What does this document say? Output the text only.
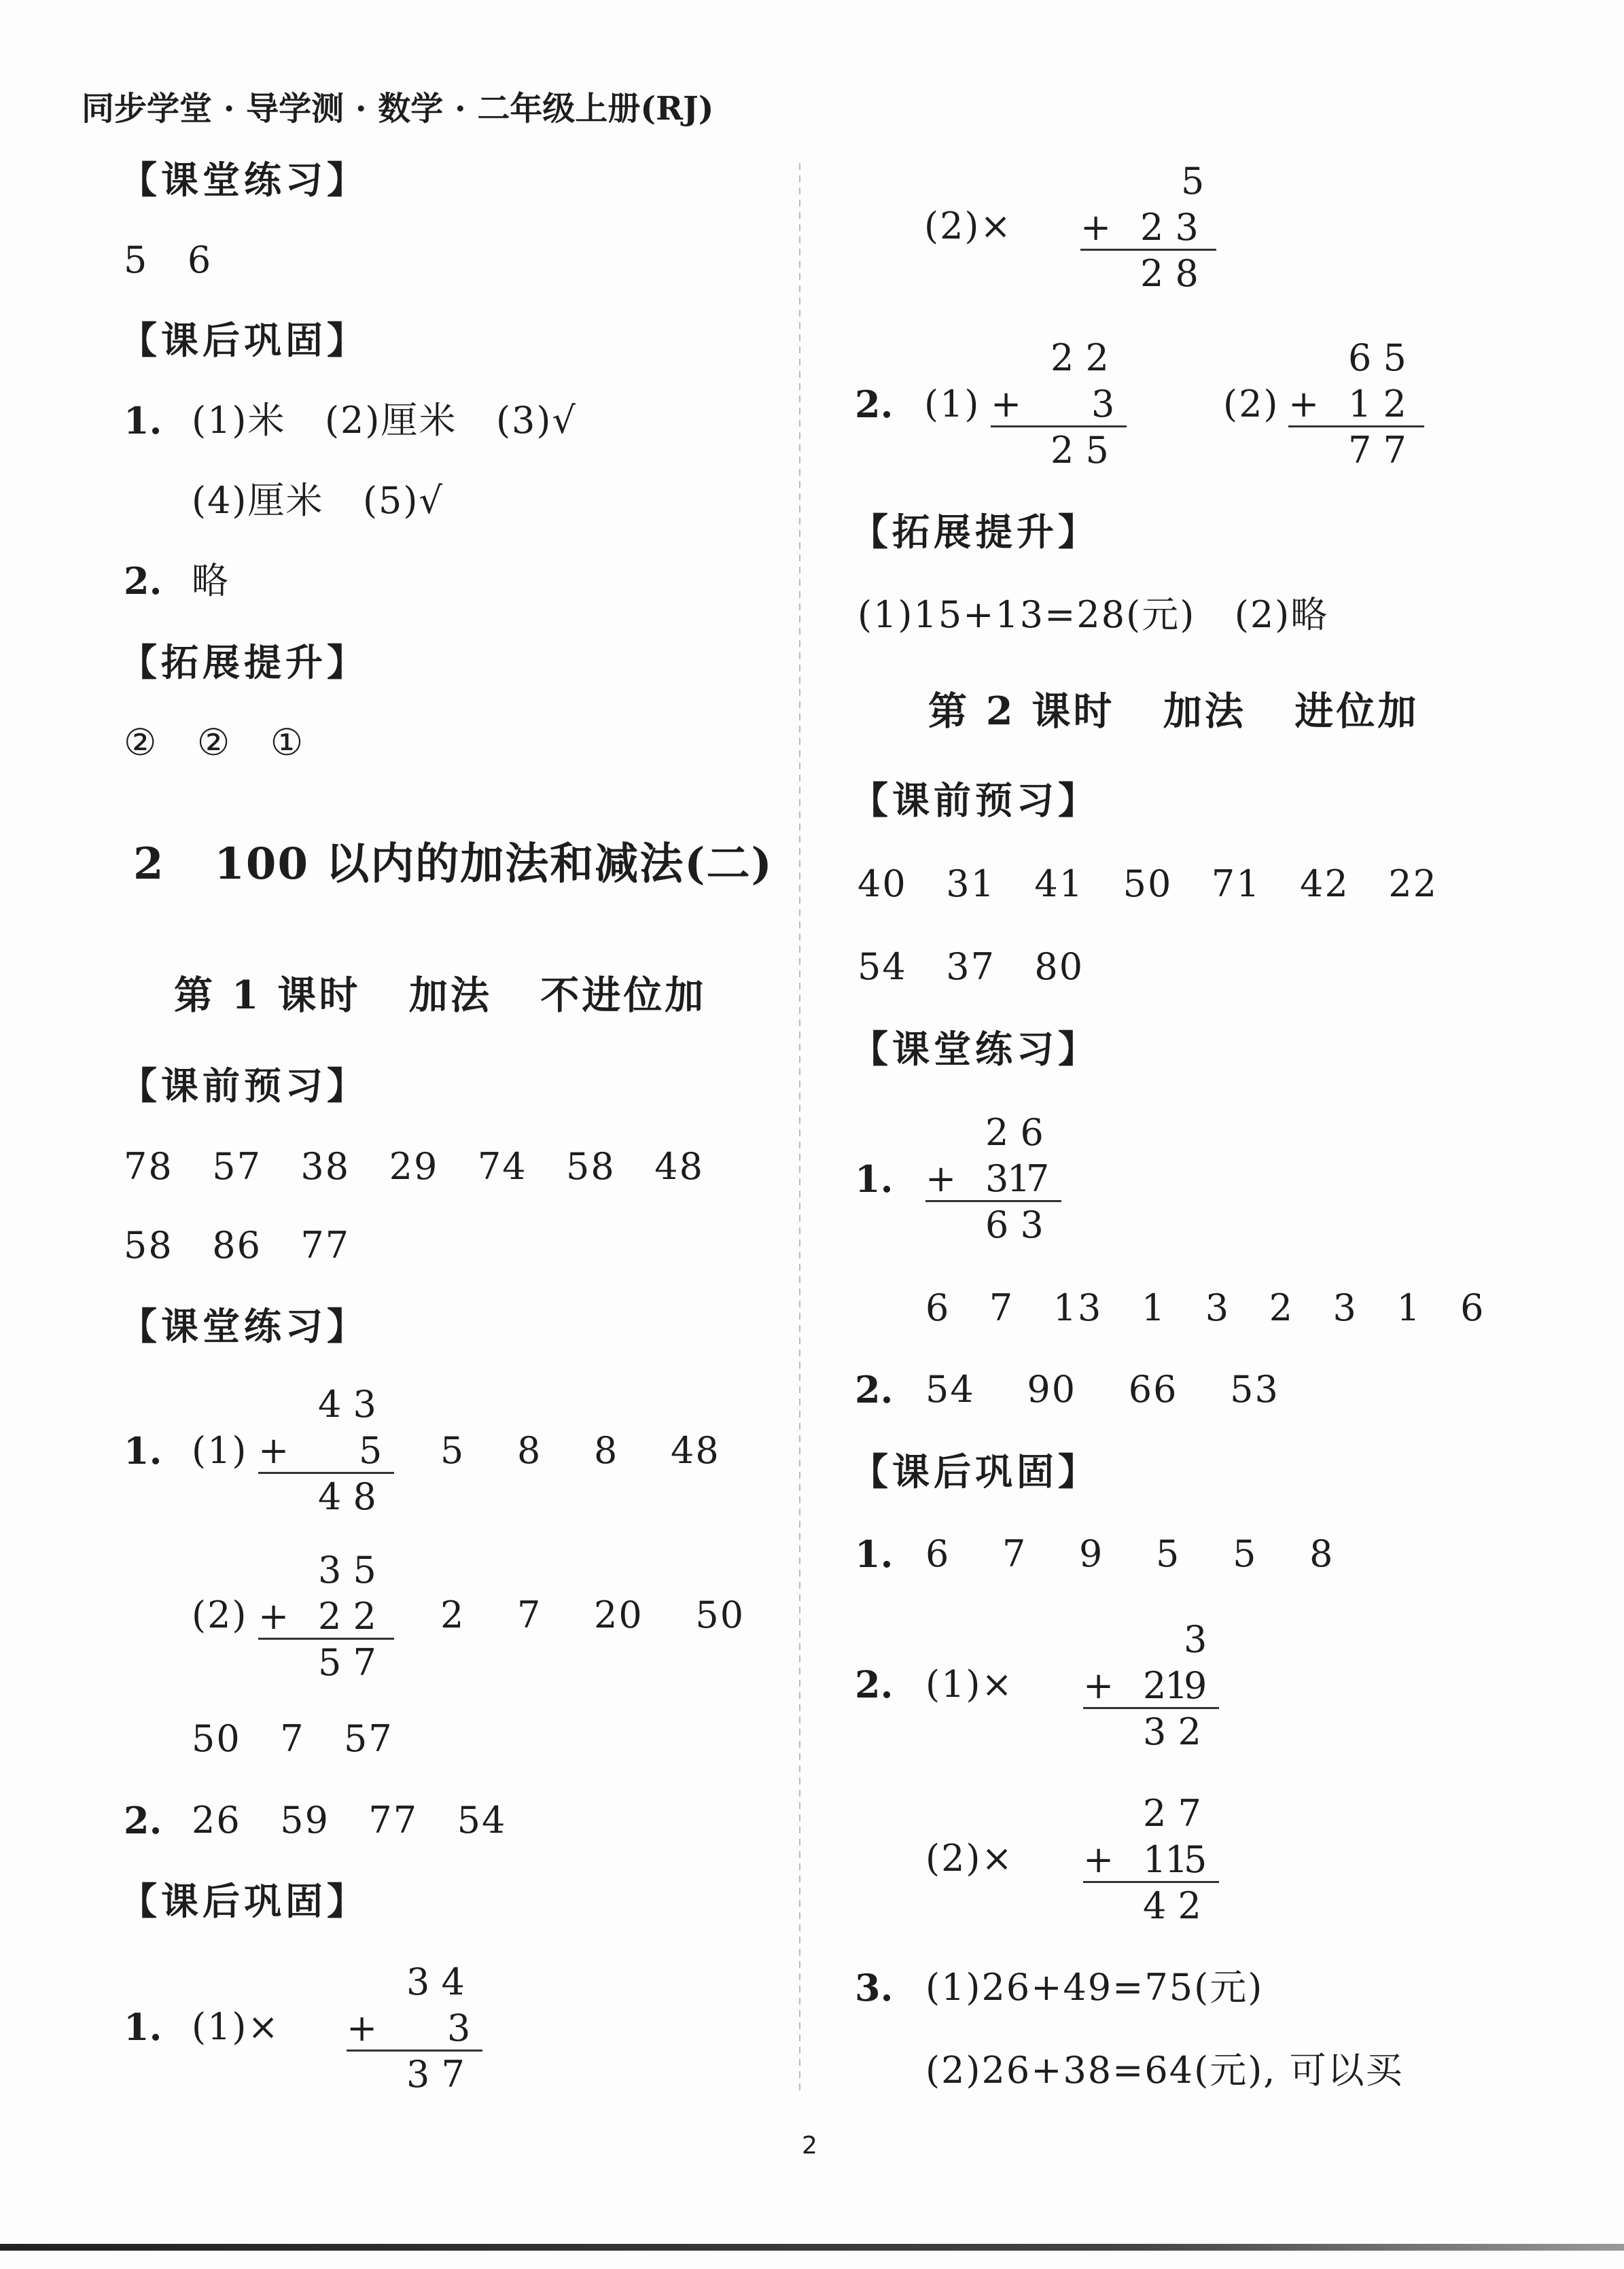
同步学堂 · 导学测 · 数学 · 二年级上册(RJ)
【课堂练习】
5   6
【课后巩固】
1. (1)米   (2)厘米   (3)√
(4)厘米   (5)√
2. 略
【拓展提升】
②   ②   ①
2   100 以内的加法和减法(二)
第 1 课时   加法   不进位加
【课前预习】
78   57   38   29   74   58   48
58   86   77
【课堂练习】
1. (1)
4 3
+ 5
4 8
5    8    8    48
(2)
3 5
+ 2 2
5 7
2    7    20    50
50   7   57
2. 26   59   77   54
【课后巩固】
1. (1)×
3 4
+ 3
3 7
(2)×
5
+ 2 3
2 8
2. (1)
2 2
+ 3
2 5
(2)
6 5
+ 1 2
7 7
【拓展提升】
(1)15+13=28(元)   (2)略
第 2 课时   加法   进位加
【课前预习】
40   31   41   50   71   42   22
54   37   80
【课堂练习】
1.
2 6
+ 3
1
7
6 3
6   7   13   1   3   2   3   1   6
2. 54    90    66    53
【课后巩固】
1. 6    7    9    5    5    8
2. (1)×
3
+ 2
1
9
3 2
(2)×
2 7
+ 1
1
5
4 2
3. (1)26+49=75(元)
(2)26+38=64(元), 可以买
2
